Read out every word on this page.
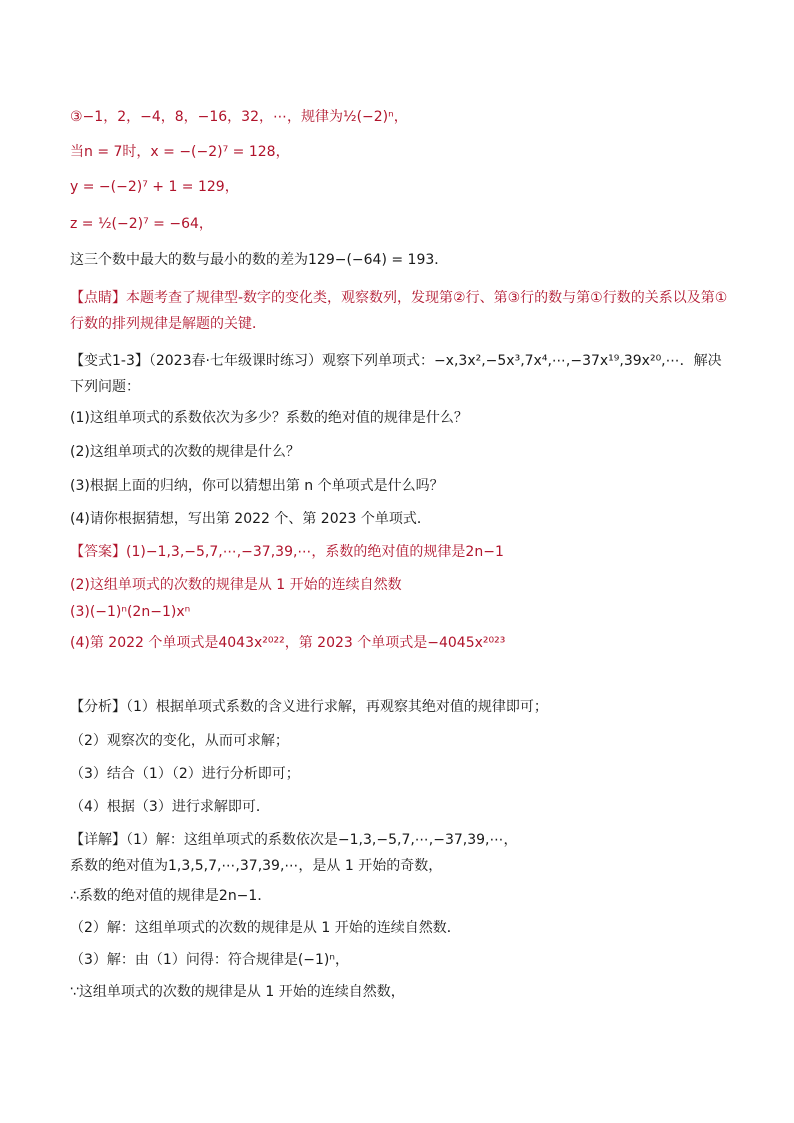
③−1，2，−4，8，−16，32，⋯，规律为½(−2)ⁿ，
当n = 7时，x = −(−2)⁷ = 128，
y = −(−2)⁷ + 1 = 129，
z = ½(−2)⁷ = −64，
这三个数中最大的数与最小的数的差为129−(−64) = 193．
【点睛】本题考查了规律型-数字的变化类，观察数列，发现第②行、第③行的数与第①行数的关系以及第①行数的排列规律是解题的关键．
【变式1-3】（2023春·七年级课时练习）观察下列单项式：−x,3x²,−5x³,7x⁴,⋯,−37x¹⁹,39x²⁰,⋯．解决下列问题：
(1)这组单项式的系数依次为多少？系数的绝对值的规律是什么？
(2)这组单项式的次数的规律是什么？
(3)根据上面的归纳，你可以猜想出第 n 个单项式是什么吗？
(4)请你根据猜想，写出第 2022 个、第 2023 个单项式．
【答案】(1)−1,3,−5,7,⋯,−37,39,⋯，系数的绝对值的规律是2n−1
(2)这组单项式的次数的规律是从 1 开始的连续自然数
(3)(−1)ⁿ(2n−1)xⁿ
(4)第 2022 个单项式是4043x²⁰²²，第 2023 个单项式是−4045x²⁰²³
【分析】（1）根据单项式系数的含义进行求解，再观察其绝对值的规律即可；
（2）观察次的变化，从而可求解；
（3）结合（1）（2）进行分析即可；
（4）根据（3）进行求解即可．
【详解】（1）解：这组单项式的系数依次是−1,3,−5,7,⋯,−37,39,⋯，
系数的绝对值为1,3,5,7,⋯,37,39,⋯，是从 1 开始的奇数，
∴系数的绝对值的规律是2n−1．
（2）解：这组单项式的次数的规律是从 1 开始的连续自然数．
（3）解：由（1）问得：符合规律是(−1)ⁿ，
∵这组单项式的次数的规律是从 1 开始的连续自然数，
